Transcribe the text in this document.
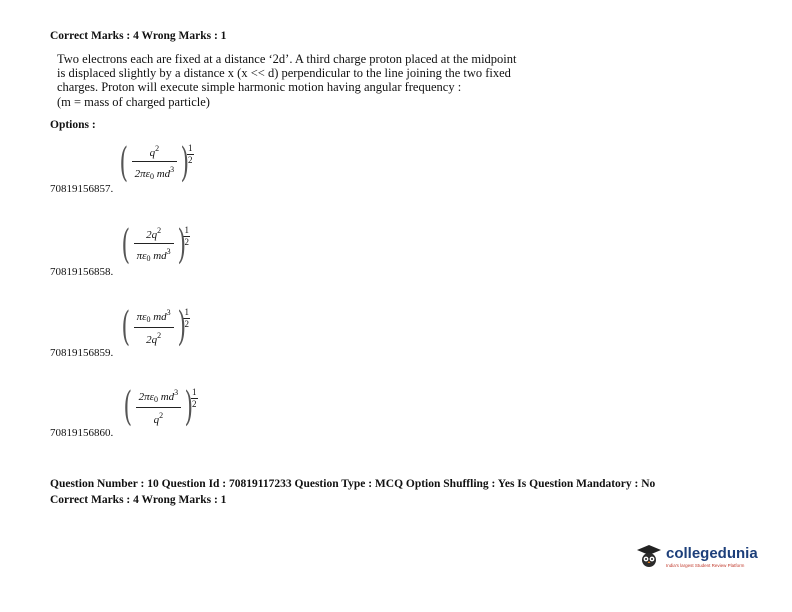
Correct Marks : 4 Wrong Marks : 1
Two electrons each are fixed at a distance ‘2d’. A third charge proton placed at the midpoint
is displaced slightly by a distance x (x << d) perpendicular to the line joining the two fixed
charges. Proton will execute simple harmonic motion having angular frequency :
(m = mass of charged particle)
Options :
( $\frac{q^2}{2\pi\varepsilon_0 md^3}$ )
1
2
70819156857.
( $\frac{2q^2}{\pi\varepsilon_0 md^3}$ )
1
2
70819156858.
( $\frac{\pi\varepsilon_0 md^3}{2q^2}$ )
1
2
70819156859.
( $\frac{2\pi\varepsilon_0 md^3}{q^2}$ )
1
2
70819156860.
Question Number : 10 Question Id : 70819117233 Question Type : MCQ Option Shuffling : Yes Is Question Mandatory : No
Correct Marks : 4 Wrong Marks : 1
collegedunia
India's largest Student Review Platform
